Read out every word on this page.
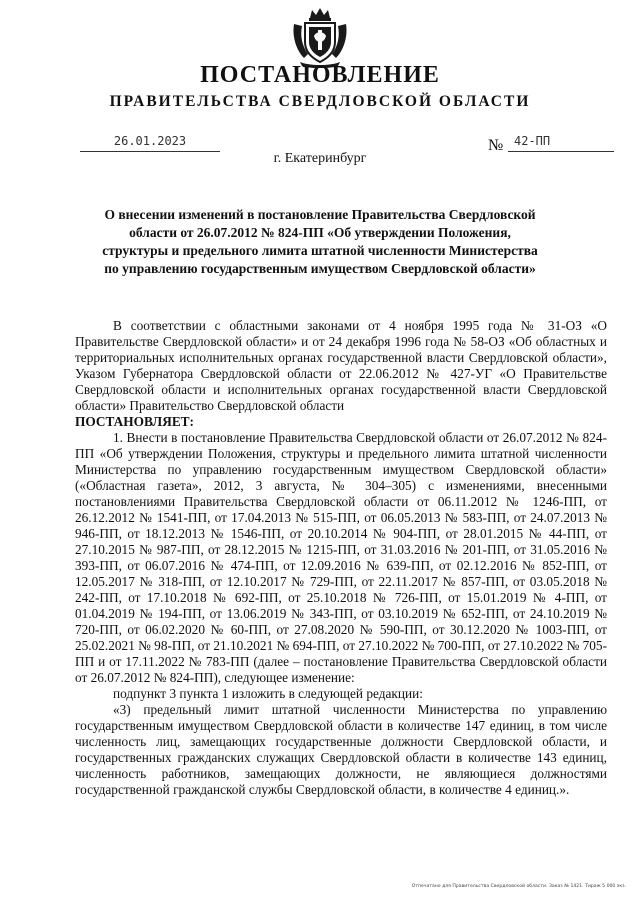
ПОСТАНОВЛЕНИЕ
ПРАВИТЕЛЬСТВА СВЕРДЛОВСКОЙ ОБЛАСТИ
26.01.2023	№ 42-ПП
г. Екатеринбург
О внесении изменений в постановление Правительства Свердловской области от 26.07.2012 № 824-ПП «Об утверждении Положения, структуры и предельного лимита штатной численности Министерства по управлению государственным имуществом Свердловской области»

В соответствии с областными законами от 4 ноября 1995 года № 31-ОЗ «О Правительстве Свердловской области» и от 24 декабря 1996 года № 58-ОЗ «Об областных и территориальных исполнительных органах государственной власти Свердловской области», Указом Губернатора Свердловской области от 22.06.2012 № 427-УГ «О Правительстве Свердловской области и исполнительных органах государственной власти Свердловской области» Правительство Свердловской области

ПОСТАНОВЛЯЕТ:

1. Внести в постановление Правительства Свердловской области от 26.07.2012 № 824-ПП «Об утверждении Положения, структуры и предельного лимита штатной численности Министерства по управлению государственным имуществом Свердловской области» («Областная газета», 2012, 3 августа, № 304–305) с изменениями, внесенными постановлениями Правительства Свердловской области от 06.11.2012 № 1246-ПП, от 26.12.2012 № 1541-ПП, от 17.04.2013 № 515-ПП, от 06.05.2013 № 583-ПП, от 24.07.2013 № 946-ПП, от 18.12.2013 № 1546-ПП, от 20.10.2014 № 904-ПП, от 28.01.2015 № 44-ПП, от 27.10.2015 № 987-ПП, от 28.12.2015 № 1215-ПП, от 31.03.2016 № 201-ПП, от 31.05.2016 № 393-ПП, от 06.07.2016 № 474-ПП, от 12.09.2016 № 639-ПП, от 02.12.2016 № 852-ПП, от 12.05.2017 № 318-ПП, от 12.10.2017 № 729-ПП, от 22.11.2017 № 857-ПП, от 03.05.2018 № 242-ПП, от 17.10.2018 № 692-ПП, от 25.10.2018 № 726-ПП, от 15.01.2019 № 4-ПП, от 01.04.2019 № 194-ПП, от 13.06.2019 № 343-ПП, от 03.10.2019 № 652-ПП, от 24.10.2019 № 720-ПП, от 06.02.2020 № 60-ПП, от 27.08.2020 № 590-ПП, от 30.12.2020 № 1003-ПП, от 25.02.2021 № 98-ПП, от 21.10.2021 № 694-ПП, от 27.10.2022 № 700-ПП, от 27.10.2022 № 705-ПП и от 17.11.2022 № 783-ПП (далее – постановление Правительства Свердловской области от 26.07.2012 № 824-ПП), следующее изменение:

подпункт 3 пункта 1 изложить в следующей редакции:

«3) предельный лимит штатной численности Министерства по управлению государственным имуществом Свердловской области в количестве 147 единиц, в том числе численность лиц, замещающих государственные должности Свердловской области, и государственных гражданских служащих Свердловской области в количестве 143 единиц, численность работников, замещающих должности, не являющиеся должностями государственной гражданской службы Свердловской области, в количестве 4 единиц.».

Отпечатано для Правительства Свердловской области. Заказ № 1421. Тираж 5 000 экз.
